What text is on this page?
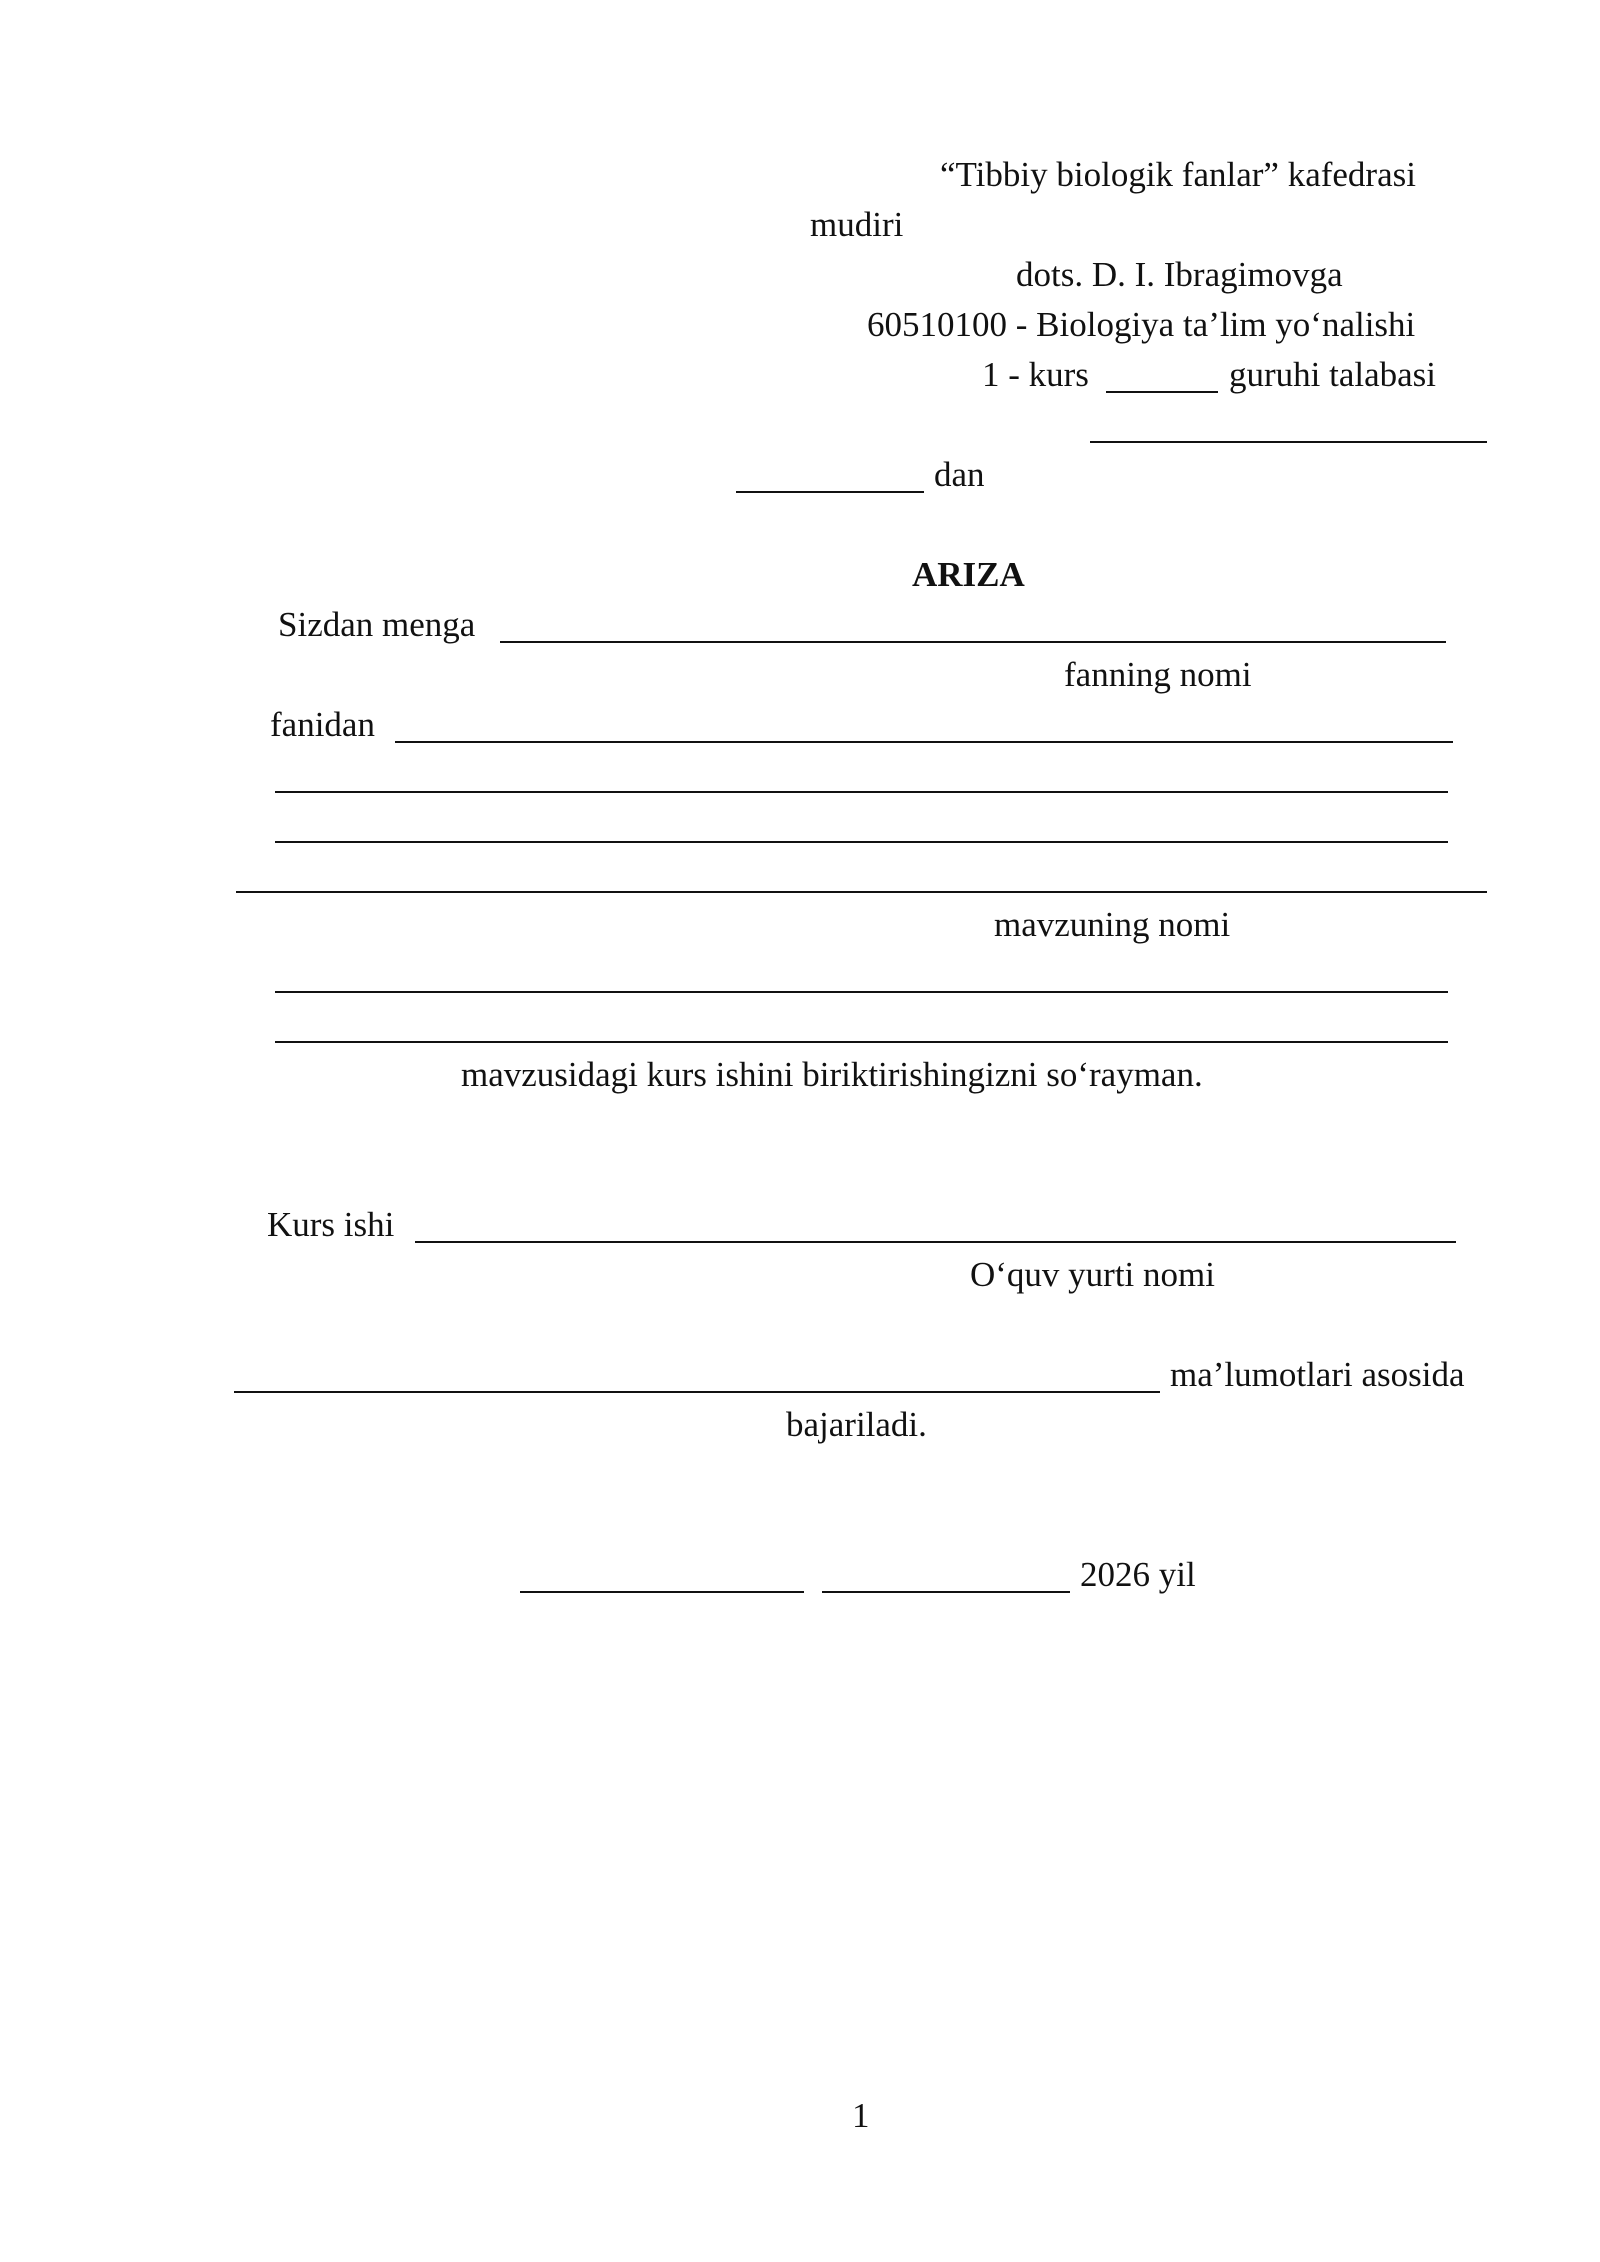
“Tibbiy biologik fanlar” kafedrasi
mudiri
dots. D. I. Ibragimovga
60510100 - Biologiya ta’lim yo‘nalishi
1 - kurs	guruhi talabasi
dan
ARIZA
Sizdan menga
fanning nomi
fanidan
mavzuning nomi
mavzusidagi kurs ishini biriktirishingizni so‘rayman.
Kurs ishi
O‘quv yurti nomi
ma’lumotlari asosida
bajariladi.
2026 yil
1
